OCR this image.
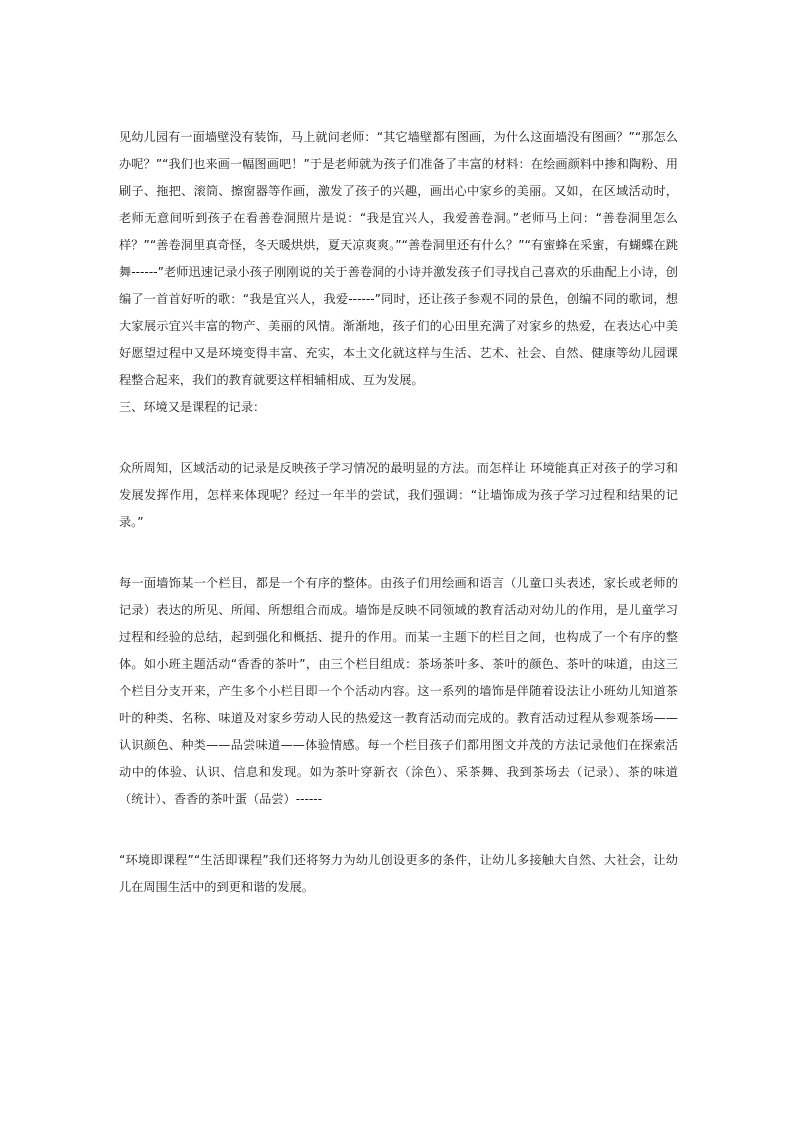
见幼儿园有一面墙壁没有装饰，马上就问老师：“其它墙壁都有图画，为什么这面墙没有图画？”“那怎么办呢？”“我们也来画一幅图画吧！”于是老师就为孩子们准备了丰富的材料：在绘画颜料中掺和陶粉、用刷子、拖把、滚筒、擦窗器等作画，激发了孩子的兴趣，画出心中家乡的美丽。又如，在区域活动时，老师无意间听到孩子在看善卷洞照片是说：“我是宜兴人，我爱善卷洞。”老师马上问：“善卷洞里怎么样？”“善卷洞里真奇怪，冬天暖烘烘，夏天凉爽爽。”“善卷洞里还有什么？”“有蜜蜂在采蜜，有蝴蝶在跳舞------”老师迅速记录小孩子刚刚说的关于善卷洞的小诗并激发孩子们寻找自己喜欢的乐曲配上小诗，创编了一首首好听的歌：“我是宜兴人，我爱------”同时，还让孩子参观不同的景色，创编不同的歌词，想大家展示宜兴丰富的物产、美丽的风情。渐渐地，孩子们的心田里充满了对家乡的热爱，在表达心中美好愿望过程中又是环境变得丰富、充实，本土文化就这样与生活、艺术、社会、自然、健康等幼儿园课程整合起来，我们的教育就要这样相辅相成、互为发展。

三、环境又是课程的记录：

众所周知，区域活动的记录是反映孩子学习情况的最明显的方法。而怎样让 环境能真正对孩子的学习和发展发挥作用，怎样来体现呢？经过一年半的尝试，我们强调：“让墙饰成为孩子学习过程和结果的记录。”

每一面墙饰某一个栏目，都是一个有序的整体。由孩子们用绘画和语言（儿童口头表述，家长或老师的记录）表达的所见、所闻、所想组合而成。墙饰是反映不同领域的教育活动对幼儿的作用，是儿童学习过程和经验的总结，起到强化和概括、提升的作用。而某一主题下的栏目之间，也构成了一个有序的整体。如小班主题活动“香香的茶叶”，由三个栏目组成：茶场茶叶多、茶叶的颜色、茶叶的味道，由这三个栏目分支开来，产生多个小栏目即一个个活动内容。这一系列的墙饰是伴随着设法让小班幼儿知道茶叶的种类、名称、味道及对家乡劳动人民的热爱这一教育活动而完成的。教育活动过程从参观茶场——认识颜色、种类——品尝味道——体验情感。每一个栏目孩子们都用图文并茂的方法记录他们在探索活动中的体验、认识、信息和发现。如为茶叶穿新衣（涂色）、采茶舞、我到茶场去（记录）、茶的味道（统计）、香香的茶叶蛋（品尝）------

“环境即课程”“生活即课程”我们还将努力为幼儿创设更多的条件，让幼儿多接触大自然、大社会，让幼儿在周围生活中的到更和谐的发展。
